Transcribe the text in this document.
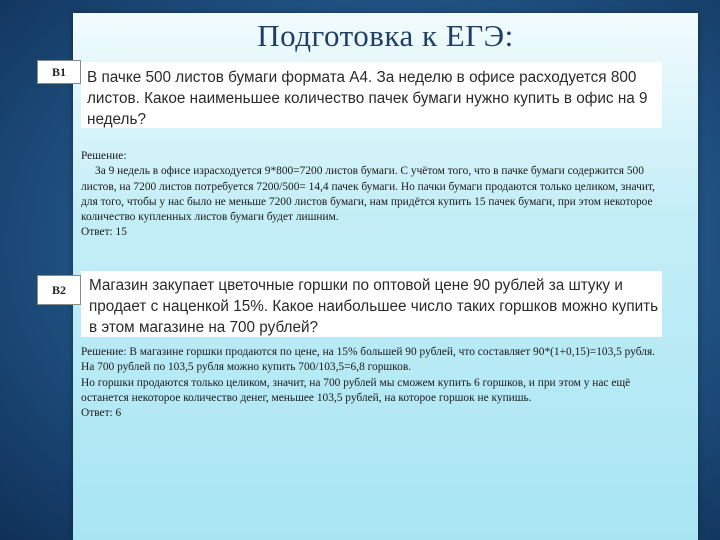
Подготовка к ЕГЭ:
B1	В пачке 500 листов бумаги формата А4. За неделю в офисе расходуется 800 листов. Какое наименьшее количество пачек бумаги нужно купить в офис на 9 недель?

Решение:

За 9 недель в офисе израсходуется 9*800=7200 листов бумаги. С учётом того, что в пачке бумаги содержится 500 листов, на 7200 листов потребуется 7200/500= 14,4 пачек бумаги. Но пачки бумаги продаются только целиком, значит, для того, чтобы у нас было не меньше 7200 листов бумаги, нам придётся купить 15 пачек бумаги, при этом некоторое количество купленных листов бумаги будет лишним.

Ответ: 15

B2	Магазин закупает цветочные горшки по оптовой цене 90 рублей за штуку и продает с наценкой 15%. Какое наибольшее число таких горшков можно купить в этом магазине на 700 рублей?

Решение: В магазине горшки продаются по цене, на 15% большей 90 рублей, что составляет 90*(1+0,15)=103,5 рубля. На 700 рублей по 103,5 рубля можно купить 700/103,5=6,8 горшков.

Но горшки продаются только целиком, значит, на 700 рублей мы сможем купить 6 горшков, и при этом у нас ещё останется некоторое количество денег, меньшее 103,5 рублей, на которое горшок не купишь.

Ответ: 6
